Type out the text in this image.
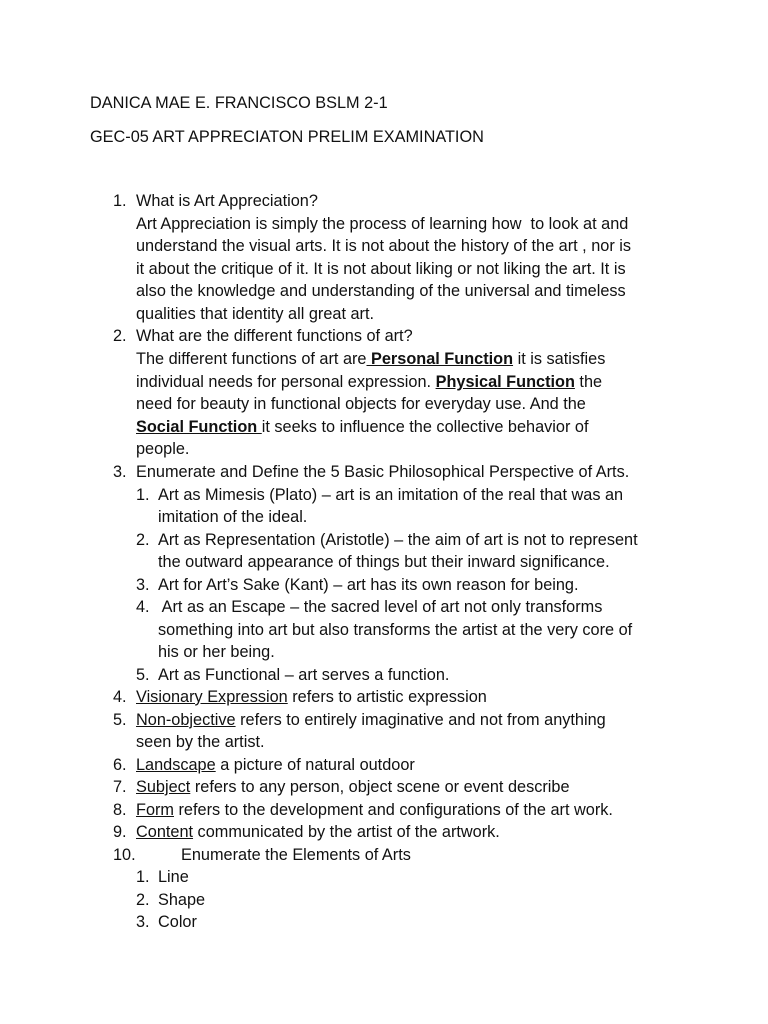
DANICA MAE E. FRANCISCO BSLM 2-1
GEC-05 ART APPRECIATON PRELIM EXAMINATION
1. What is Art Appreciation?
Art Appreciation is simply the process of learning how  to look at and
understand the visual arts. It is not about the history of the art , nor is
it about the critique of it. It is not about liking or not liking the art. It is
also the knowledge and understanding of the universal and timeless
qualities that identity all great art.
2. What are the different functions of art?
The different functions of art are Personal Function it is satisfies
individual needs for personal expression. Physical Function the
need for beauty in functional objects for everyday use. And the
Social Function it seeks to influence the collective behavior of
people.
3. Enumerate and Define the 5 Basic Philosophical Perspective of Arts.
1. Art as Mimesis (Plato) – art is an imitation of the real that was an
imitation of the ideal.
2. Art as Representation (Aristotle) – the aim of art is not to represent
the outward appearance of things but their inward significance.
3. Art for Art’s Sake (Kant) – art has its own reason for being.
4. Art as an Escape – the sacred level of art not only transforms
something into art but also transforms the artist at the very core of
his or her being.
5. Art as Functional – art serves a function.
4. Visionary Expression refers to artistic expression
5. Non-objective refers to entirely imaginative and not from anything
seen by the artist.
6. Landscape a picture of natural outdoor
7. Subject refers to any person, object scene or event describe
8. Form refers to the development and configurations of the art work.
9. Content communicated by the artist of the artwork.
10.	Enumerate the Elements of Arts
1. Line
2. Shape
3. Color
